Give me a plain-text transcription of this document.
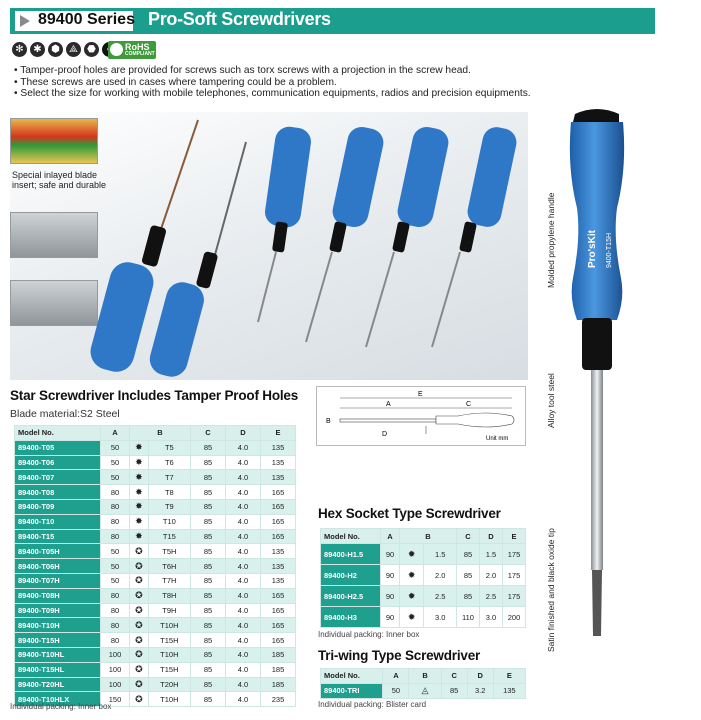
89400 Series Pro-Soft Screwdrivers
✻ ✱ ⬢ ⟁ ⬣	RoHS
COMPLIANT
• Tamper-proof holes are provided for screws such as torx screws with a projection in the screw head.
• These screws are used in cases where tampering could be a problem.
• Select the size for working with mobile telephones, communication equipments, radios and precision equipments.
Special inlayed blade
insert; safe and durable
Star Screwdriver Includes Tamper Proof Holes
Blade material:S2 Steel
Model No.	A	B		C	D	E
89400-T05	50	✸	T5	85	4.0	135
89400-T06	50	✸	T6	85	4.0	135
89400-T07	50	✸	T7	85	4.0	135
89400-T08	80	✸	T8	85	4.0	165
89400-T09	80	✸	T9	85	4.0	165
89400-T10	80	✸	T10	85	4.0	165
89400-T15	80	✸	T15	85	4.0	165
89400-T05H	50	✪	T5H	85	4.0	135
89400-T06H	50	✪	T6H	85	4.0	135
89400-T07H	50	✪	T7H	85	4.0	135
89400-T08H	80	✪	T8H	85	4.0	165
89400-T09H	80	✪	T9H	85	4.0	165
89400-T10H	80	✪	T10H	85	4.0	165
89400-T15H	80	✪	T15H	85	4.0	165
89400-T10HL	100	✪	T10H	85	4.0	185
89400-T15HL	100	✪	T15H	85	4.0	185
89400-T20HL	100	✪	T20H	85	4.0	185
89400-T10HLX	150	✪	T10H	85	4.0	235
Individual packing: Inner box
E
A	C
B
D
Unit mm
Hex Socket Type Screwdriver
Model No.	A	B		C	D	E
89400-H1.5	90	✹	1.5	85	1.5	175
89400-H2	90	✹	2.0	85	2.0	175
89400-H2.5	90	✹	2.5	85	2.5	175
89400-H3	90	✹	3.0	110	3.0	200
Individual packing: Inner box
Tri-wing Type Screwdriver
Model No.	A	B	C	D	E
89400-TRI	50	◬	85	3.2	135
Individual packing: Blister card
Pro'sKit 9400-T15H
Molded propylene handle
Alloy tool steel
Satin finished and black oxide tip
